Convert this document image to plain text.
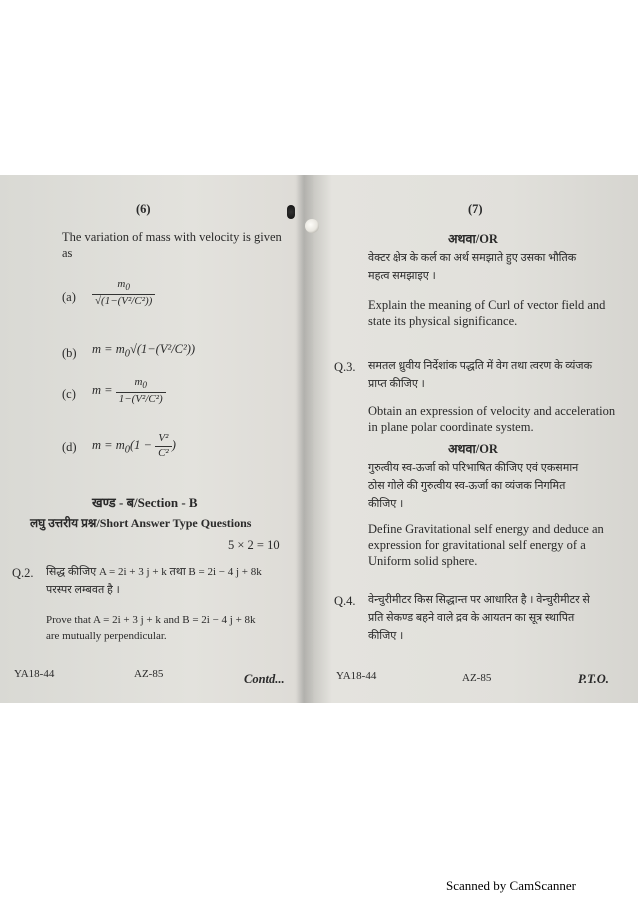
(6)
The variation of mass with velocity is given
as
$(a) \frac{m_0}{\text{√(1−(V²/C²))}}$
(b) $m = m_0√(1-(V^2/C^2))$
(c) $m = \frac{m_0}{\text{1−(V²/C²)}}$
(d) $m = m_0(1 - \frac{\text{V²}}{\text{C²}}$ )
खण्ड - ब/Section - B
लघु उत्तरीय प्रश्न/Short Answer Type Questions
5 × 2 = 10
Q.2. सिद्ध कीजिए A = 2i + 3 j + k तथा B = 2i − 4 j + 8k
परस्पर लम्बवत है ।
Prove that A = 2i + 3 j + k and B = 2i − 4 j + 8k
are mutually perpendicular.
YA18-44	AZ-85	Contd...
(7)
अथवा/OR
वेक्टर क्षेत्र के कर्ल का अर्थ समझाते हुए उसका भौतिक
महत्व समझाइए ।
Explain the meaning of Curl of vector field and
state its physical significance.
Q.3. समतल ध्रुवीय निर्देशांक पद्धति में वेग तथा त्वरण के व्यंजक
प्राप्त कीजिए ।
Obtain an expression of velocity and acceleration
in plane polar coordinate system.
अथवा/OR
गुरुत्वीय स्व-ऊर्जा को परिभाषित कीजिए एवं एकसमान
ठोस गोले की गुरुत्वीय स्व-ऊर्जा का व्यंजक निगमित
कीजिए ।
Define Gravitational self energy and deduce an
expression for gravitational self energy of a
Uniform solid sphere.
Q.4. वेन्चुरीमीटर किस सिद्धान्त पर आधारित है । वेन्चुरीमीटर से
प्रति सेकण्ड बहने वाले द्रव के आयतन का सूत्र स्थापित
कीजिए ।
YA18-44	AZ-85	P.T.O.
Scanned by CamScanner
